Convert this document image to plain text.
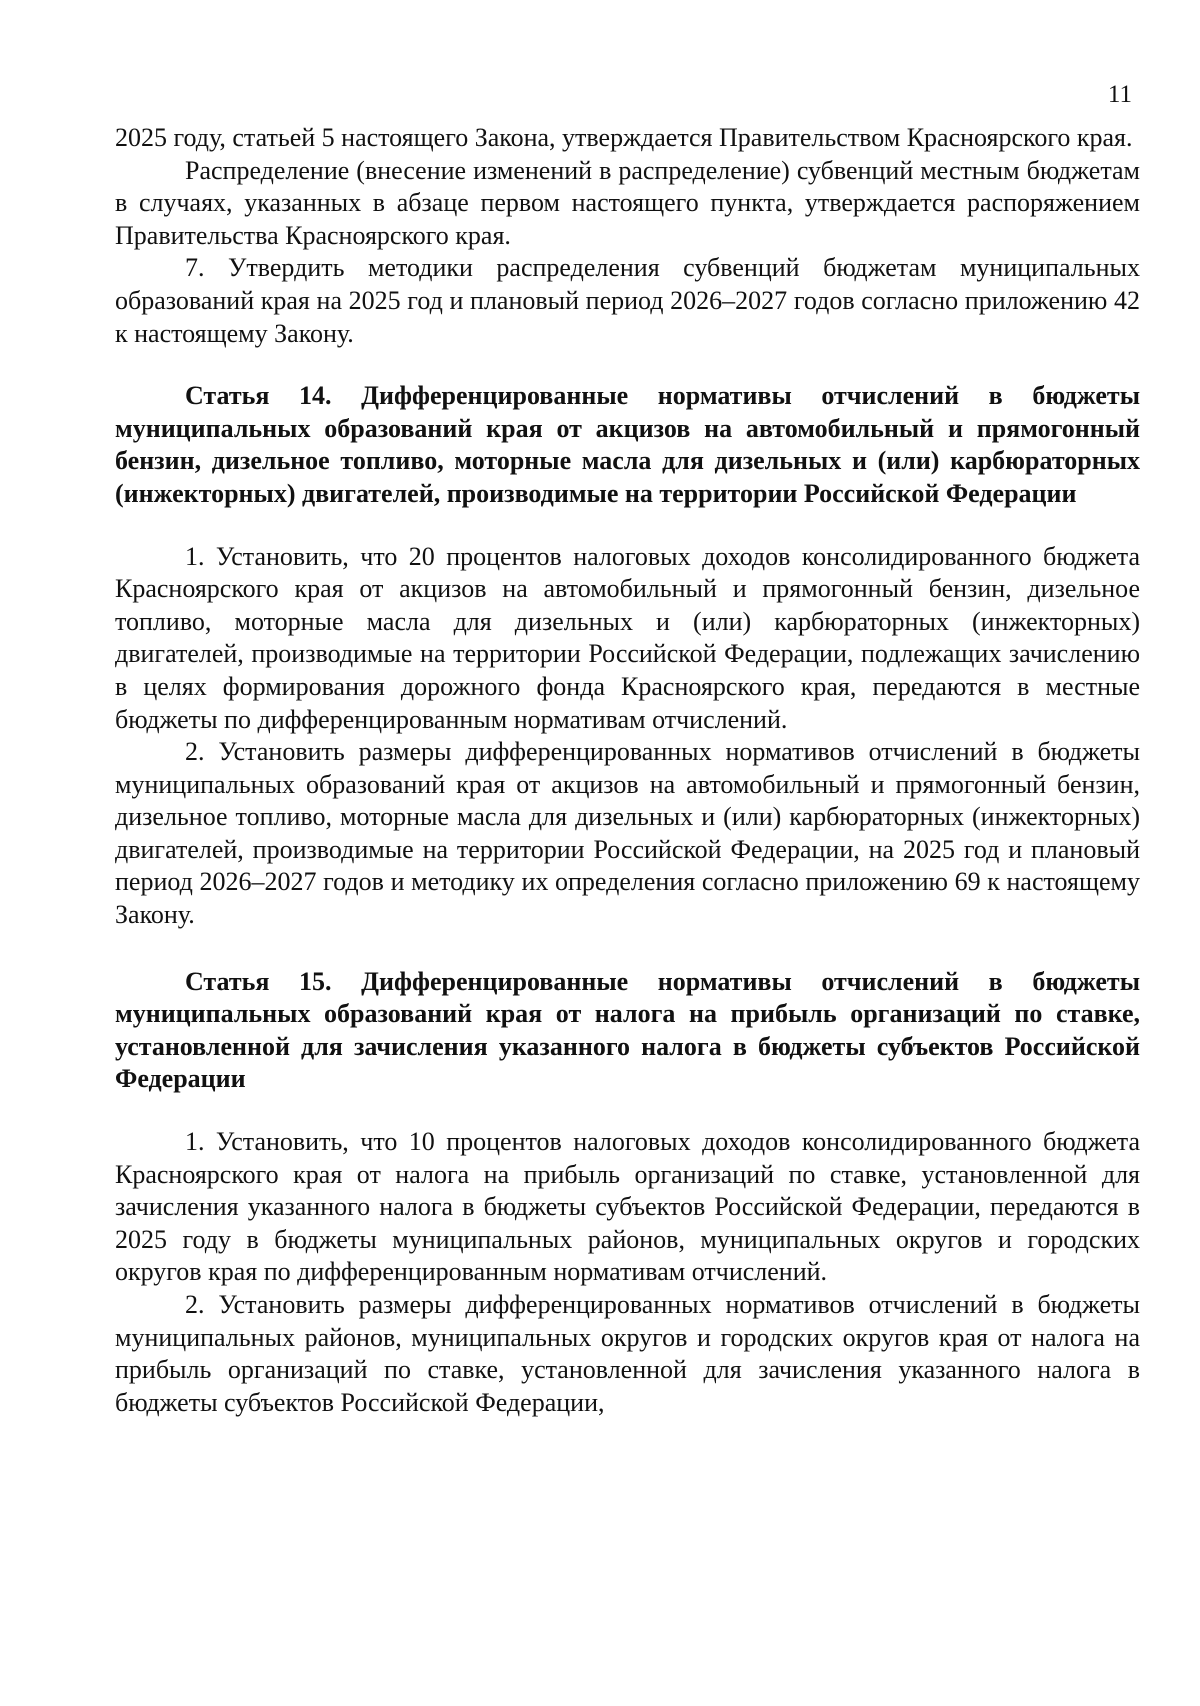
11

2025 году, статьей 5 настоящего Закона, утверждается Правительством Красноярского края.

Распределение (внесение изменений в распределение) субвенций местным бюджетам в случаях, указанных в абзаце первом настоящего пункта, утверждается распоряжением Правительства Красноярского края.

7. Утвердить методики распределения субвенций бюджетам муниципальных образований края на 2025 год и плановый период 2026–2027 годов согласно приложению 42 к настоящему Закону.

Статья 14. Дифференцированные нормативы отчислений в бюджеты муниципальных образований края от акцизов на автомобильный и прямогонный бензин, дизельное топливо, моторные масла для дизельных и (или) карбюраторных (инжекторных) двигателей, производимые на территории Российской Федерации

1. Установить, что 20 процентов налоговых доходов консолидированного бюджета Красноярского края от акцизов на автомобильный и прямогонный бензин, дизельное топливо, моторные масла для дизельных и (или) карбюраторных (инжекторных) двигателей, производимые на территории Российской Федерации, подлежащих зачислению в целях формирования дорожного фонда Красноярского края, передаются в местные бюджеты по дифференцированным нормативам отчислений.

2. Установить размеры дифференцированных нормативов отчислений в бюджеты муниципальных образований края от акцизов на автомобильный и прямогонный бензин, дизельное топливо, моторные масла для дизельных и (или) карбюраторных (инжекторных) двигателей, производимые на территории Российской Федерации, на 2025 год и плановый период 2026–2027 годов и методику их определения согласно приложению 69 к настоящему Закону.

Статья 15. Дифференцированные нормативы отчислений в бюджеты муниципальных образований края от налога на прибыль организаций по ставке, установленной для зачисления указанного налога в бюджеты субъектов Российской Федерации

1. Установить, что 10 процентов налоговых доходов консолидированного бюджета Красноярского края от налога на прибыль организаций по ставке, установленной для зачисления указанного налога в бюджеты субъектов Российской Федерации, передаются в 2025 году в бюджеты муниципальных районов, муниципальных округов и городских округов края по дифференцированным нормативам отчислений.

2. Установить размеры дифференцированных нормативов отчислений в бюджеты муниципальных районов, муниципальных округов и городских округов края от налога на прибыль организаций по ставке, установленной для зачисления указанного налога в бюджеты субъектов Российской Федерации,
